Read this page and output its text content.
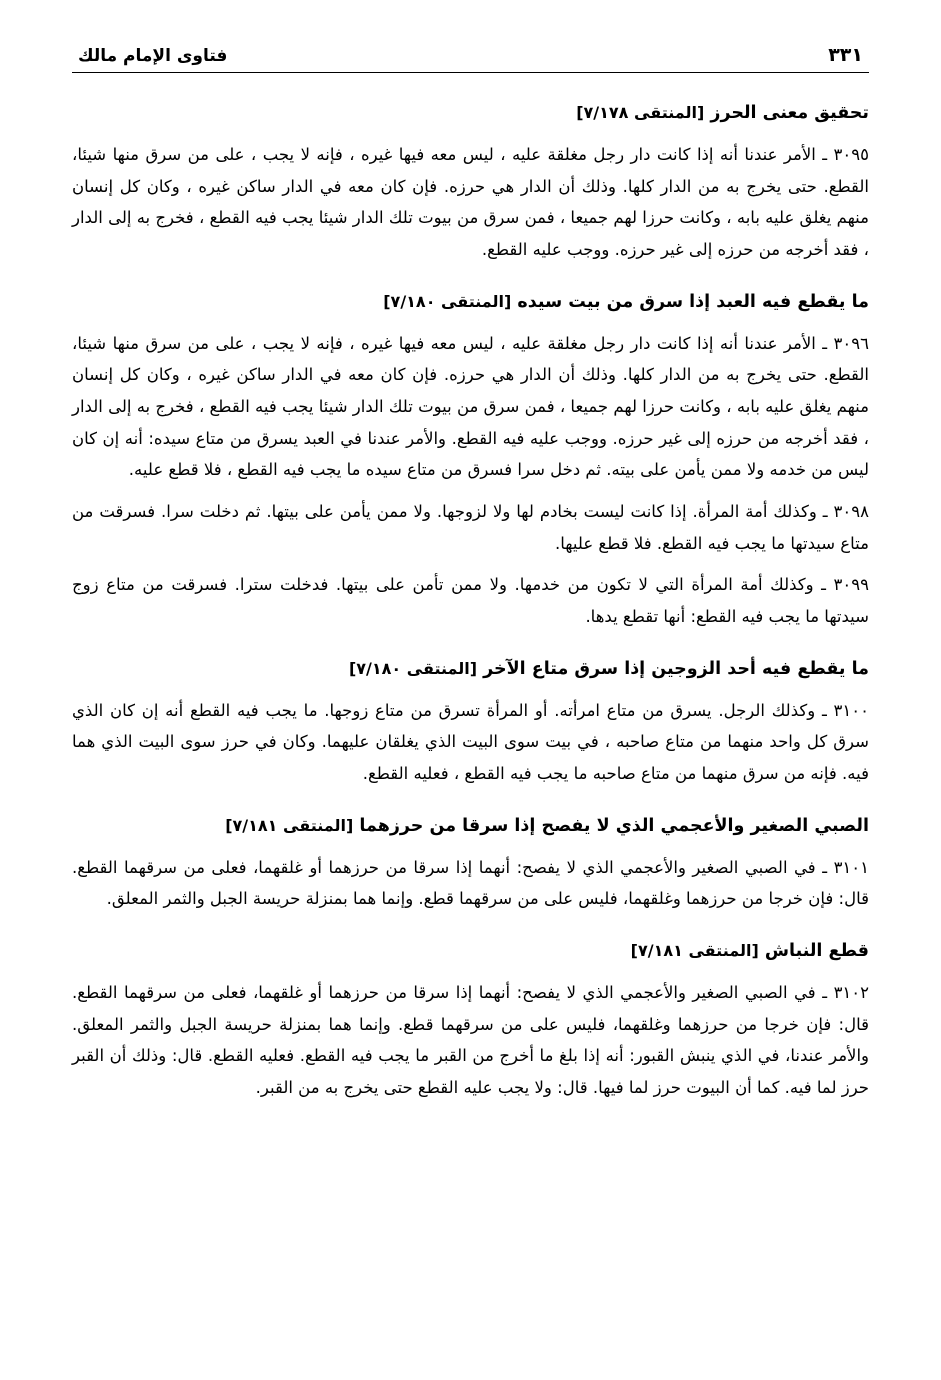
فتاوى الإمام مالك	٣٣١
تحقيق معنى الحرز [المنتقى ٧/١٧٨]

٣٠٩٥ ـ الأمر عندنا أنه إذا كانت دار رجل مغلقة عليه ، ليس معه فيها غيره ، فإنه لا يجب ، على من سرق منها شيئا، القطع. حتى يخرج به من الدار كلها. وذلك أن الدار هي حرزه. فإن كان معه في الدار ساكن غيره ، وكان كل إنسان منهم يغلق عليه بابه ، وكانت حرزا لهم جميعا ، فمن سرق من بيوت تلك الدار شيئا يجب فيه القطع ، فخرج به إلى الدار ، فقد أخرجه من حرزه إلى غير حرزه. ووجب عليه القطع.

ما يقطع فيه العبد إذا سرق من بيت سيده [المنتقى ٧/١٨٠]

٣٠٩٦ ـ الأمر عندنا أنه إذا كانت دار رجل مغلقة عليه ، ليس معه فيها غيره ، فإنه لا يجب ، على من سرق منها شيئا، القطع. حتى يخرج به من الدار كلها. وذلك أن الدار هي حرزه. فإن كان معه في الدار ساكن غيره ، وكان كل إنسان منهم يغلق عليه بابه ، وكانت حرزا لهم جميعا ، فمن سرق من بيوت تلك الدار شيئا يجب فيه القطع ، فخرج به إلى الدار ، فقد أخرجه من حرزه إلى غير حرزه. ووجب عليه فيه القطع. والأمر عندنا في العبد يسرق من متاع سيده: أنه إن كان ليس من خدمه ولا ممن يأمن على بيته. ثم دخل سرا فسرق من متاع سيده ما يجب فيه القطع ، فلا قطع عليه.

٣٠٩٨ ـ وكذلك أمة المرأة. إذا كانت ليست بخادم لها ولا لزوجها. ولا ممن يأمن على بيتها. ثم دخلت سرا. فسرقت من متاع سيدتها ما يجب فيه القطع. فلا قطع عليها.

٣٠٩٩ ـ وكذلك أمة المرأة التي لا تكون من خدمها. ولا ممن تأمن على بيتها. فدخلت سترا. فسرقت من متاع زوج سيدتها ما يجب فيه القطع: أنها تقطع يدها.

ما يقطع فيه أحد الزوجين إذا سرق متاع الآخر [المنتقى ٧/١٨٠]

٣١٠٠ ـ وكذلك الرجل. يسرق من متاع امرأته. أو المرأة تسرق من متاع زوجها. ما يجب فيه القطع أنه إن كان الذي سرق كل واحد منهما من متاع صاحبه ، في بيت سوى البيت الذي يغلقان عليهما. وكان في حرز سوى البيت الذي هما فيه. فإنه من سرق منهما من متاع صاحبه ما يجب فيه القطع ، فعليه القطع.

الصبي الصغير والأعجمي الذي لا يفصح إذا سرقا من حرزهما [المنتقى ٧/١٨١]

٣١٠١ ـ في الصبي الصغير والأعجمي الذي لا يفصح: أنهما إذا سرقا من حرزهما أو غلقهما، فعلى من سرقهما القطع. قال: فإن خرجا من حرزهما وغلقهما، فليس على من سرقهما قطع. وإنما هما بمنزلة حريسة الجبل والثمر المعلق.

قطع النباش [المنتقى ٧/١٨١]

٣١٠٢ ـ في الصبي الصغير والأعجمي الذي لا يفصح: أنهما إذا سرقا من حرزهما أو غلقهما، فعلى من سرقهما القطع. قال: فإن خرجا من حرزهما وغلقهما، فليس على من سرقهما قطع. وإنما هما بمنزلة حريسة الجبل والثمر المعلق. والأمر عندنا، في الذي ينبش القبور: أنه إذا بلغ ما أخرج من القبر ما يجب فيه القطع. فعليه القطع. قال: وذلك أن القبر حرز لما فيه. كما أن البيوت حرز لما فيها. قال: ولا يجب عليه القطع حتى يخرج به من القبر.
